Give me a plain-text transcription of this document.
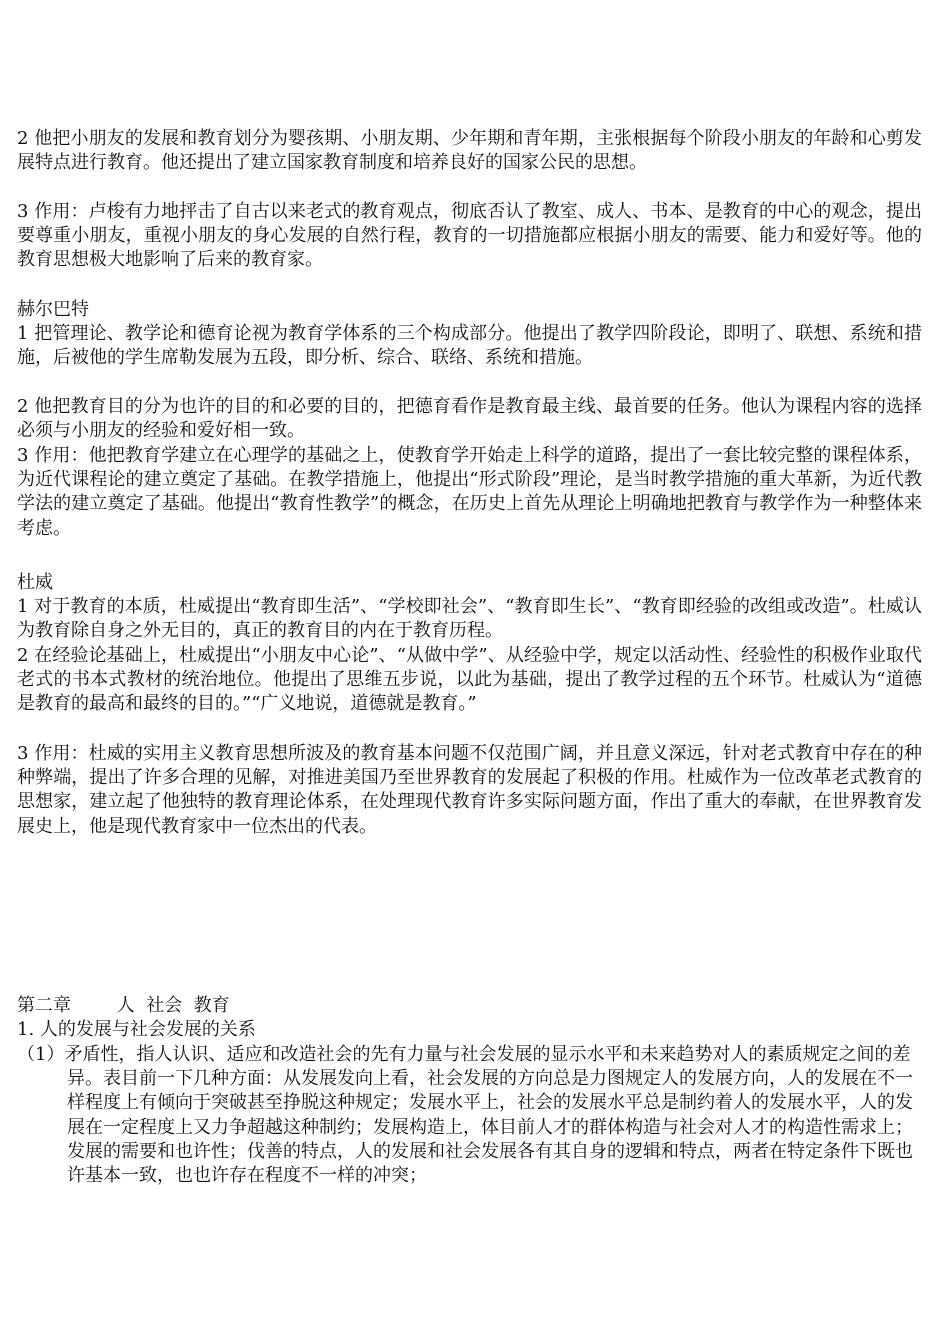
2 他把小朋友的发展和教育划分为婴孩期、小朋友期、少年期和青年期，主张根据每个阶段小朋友的年龄和心剪发展特点进行教育。他还提出了建立国家教育制度和培养良好的国家公民的思想。

3 作用：卢梭有力地抨击了自古以来老式的教育观点，彻底否认了教室、成人、书本、是教育的中心的观念，提出要尊重小朋友，重视小朋友的身心发展的自然行程，教育的一切措施都应根据小朋友的需要、能力和爱好等。他的教育思想极大地影响了后来的教育家。

赫尔巴特

1 把管理论、教学论和德育论视为教育学体系的三个构成部分。他提出了教学四阶段论，即明了、联想、系统和措施，后被他的学生席勒发展为五段，即分析、综合、联络、系统和措施。

2 他把教育目的分为也许的目的和必要的目的，把德育看作是教育最主线、最首要的任务。他认为课程内容的选择必须与小朋友的经验和爱好相一致。

3 作用：他把教育学建立在心理学的基础之上，使教育学开始走上科学的道路，提出了一套比较完整的课程体系，为近代课程论的建立奠定了基础。在教学措施上，他提出“形式阶段”理论，是当时教学措施的重大革新，为近代教学法的建立奠定了基础。他提出“教育性教学”的概念，在历史上首先从理论上明确地把教育与教学作为一种整体来考虑。

杜威

1 对于教育的本质，杜威提出“教育即生活”、“学校即社会”、“教育即生长”、“教育即经验的改组或改造”。杜威认为教育除自身之外无目的，真正的教育目的内在于教育历程。

2 在经验论基础上，杜威提出“小朋友中心论”、“从做中学”、从经验中学，规定以活动性、经验性的积极作业取代老式的书本式教材的统治地位。他提出了思维五步说，以此为基础，提出了教学过程的五个环节。杜威认为“道德是教育的最高和最终的目的。”“广义地说，道德就是教育。”

3 作用：杜威的实用主义教育思想所波及的教育基本问题不仅范围广阔，并且意义深远，针对老式教育中存在的种种弊端，提出了许多合理的见解，对推进美国乃至世界教育的发展起了积极的作用。杜威作为一位改革老式教育的思想家，建立起了他独特的教育理论体系，在处理现代教育许多实际问题方面，作出了重大的奉献，在世界教育发展史上，他是现代教育家中一位杰出的代表。

第二章        人  社会  教育

1. 人的发展与社会发展的关系

（1）矛盾性，指人认识、适应和改造社会的先有力量与社会发展的显示水平和未来趋势对人的素质规定之间的差异。表目前一下几种方面：从发展发向上看，社会发展的方向总是力图规定人的发展方向，人的发展在不一样程度上有倾向于突破甚至挣脱这种规定；发展水平上，社会的发展水平总是制约着人的发展水平，人的发展在一定程度上又力争超越这种制约；发展构造上，体目前人才的群体构造与社会对人才的构造性需求上；发展的需要和也许性；伐善的特点，人的发展和社会发展各有其自身的逻辑和特点，两者在特定条件下既也许基本一致，也也许存在程度不一样的冲突；
